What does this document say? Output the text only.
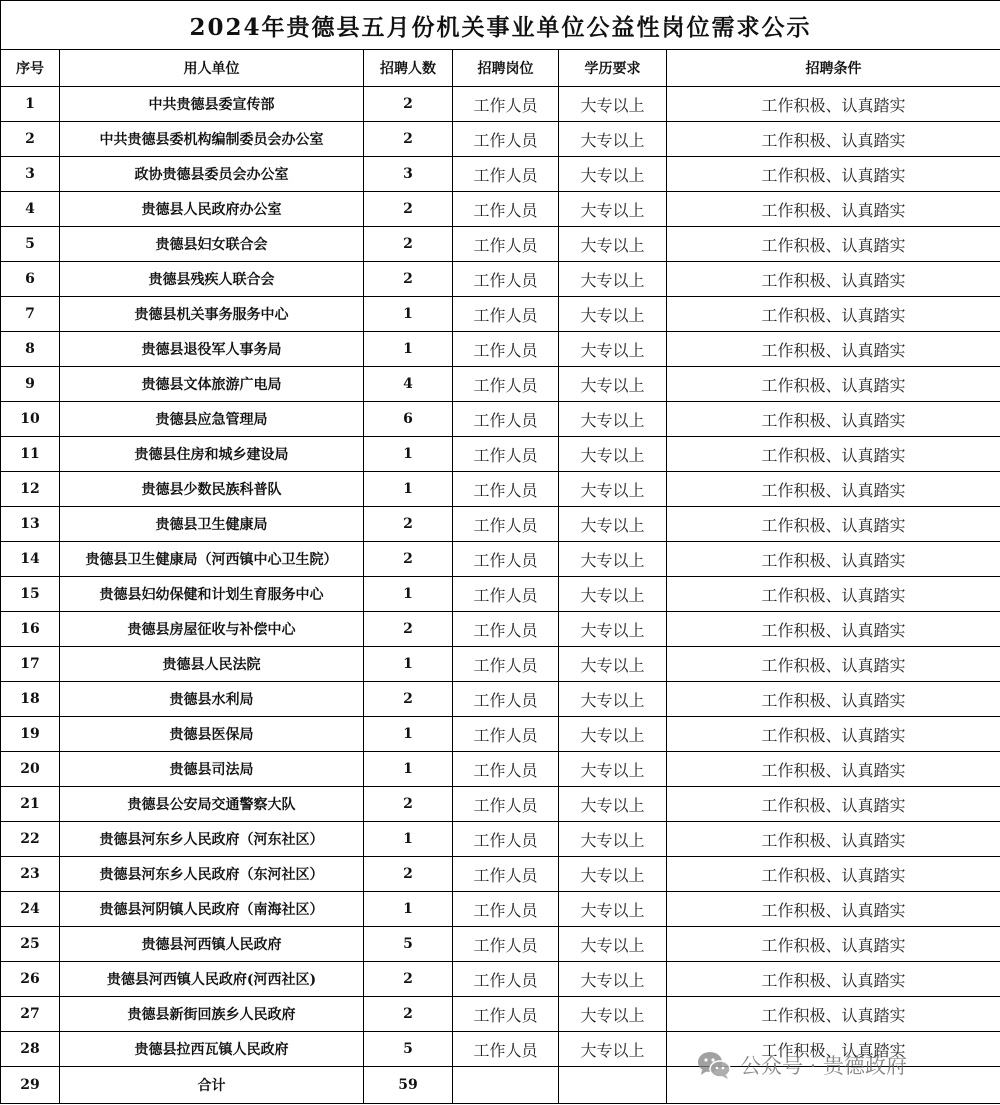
2024年贵德县五月份机关事业单位公益性岗位需求公示					
序号	用人单位	招聘人数	招聘岗位	学历要求	招聘条件
1	中共贵德县委宣传部	2	工作人员	大专以上	工作积极、认真踏实
2	中共贵德县委机构编制委员会办公室	2	工作人员	大专以上	工作积极、认真踏实
3	政协贵德县委员会办公室	3	工作人员	大专以上	工作积极、认真踏实
4	贵德县人民政府办公室	2	工作人员	大专以上	工作积极、认真踏实
5	贵德县妇女联合会	2	工作人员	大专以上	工作积极、认真踏实
6	贵德县残疾人联合会	2	工作人员	大专以上	工作积极、认真踏实
7	贵德县机关事务服务中心	1	工作人员	大专以上	工作积极、认真踏实
8	贵德县退役军人事务局	1	工作人员	大专以上	工作积极、认真踏实
9	贵德县文体旅游广电局	4	工作人员	大专以上	工作积极、认真踏实
10	贵德县应急管理局	6	工作人员	大专以上	工作积极、认真踏实
11	贵德县住房和城乡建设局	1	工作人员	大专以上	工作积极、认真踏实
12	贵德县少数民族科普队	1	工作人员	大专以上	工作积极、认真踏实
13	贵德县卫生健康局	2	工作人员	大专以上	工作积极、认真踏实
14	贵德县卫生健康局（河西镇中心卫生院）	2	工作人员	大专以上	工作积极、认真踏实
15	贵德县妇幼保健和计划生育服务中心	1	工作人员	大专以上	工作积极、认真踏实
16	贵德县房屋征收与补偿中心	2	工作人员	大专以上	工作积极、认真踏实
17	贵德县人民法院	1	工作人员	大专以上	工作积极、认真踏实
18	贵德县水利局	2	工作人员	大专以上	工作积极、认真踏实
19	贵德县医保局	1	工作人员	大专以上	工作积极、认真踏实
20	贵德县司法局	1	工作人员	大专以上	工作积极、认真踏实
21	贵德县公安局交通警察大队	2	工作人员	大专以上	工作积极、认真踏实
22	贵德县河东乡人民政府（河东社区）	1	工作人员	大专以上	工作积极、认真踏实
23	贵德县河东乡人民政府（东河社区）	2	工作人员	大专以上	工作积极、认真踏实
24	贵德县河阴镇人民政府（南海社区）	1	工作人员	大专以上	工作积极、认真踏实
25	贵德县河西镇人民政府	5	工作人员	大专以上	工作积极、认真踏实
26	贵德县河西镇人民政府(河西社区)	2	工作人员	大专以上	工作积极、认真踏实
27	贵德县新街回族乡人民政府	2	工作人员	大专以上	工作积极、认真踏实
28	贵德县拉西瓦镇人民政府	5	工作人员	大专以上	工作积极、认真踏实
29	合计	59			
公众号 · 贵德政府
